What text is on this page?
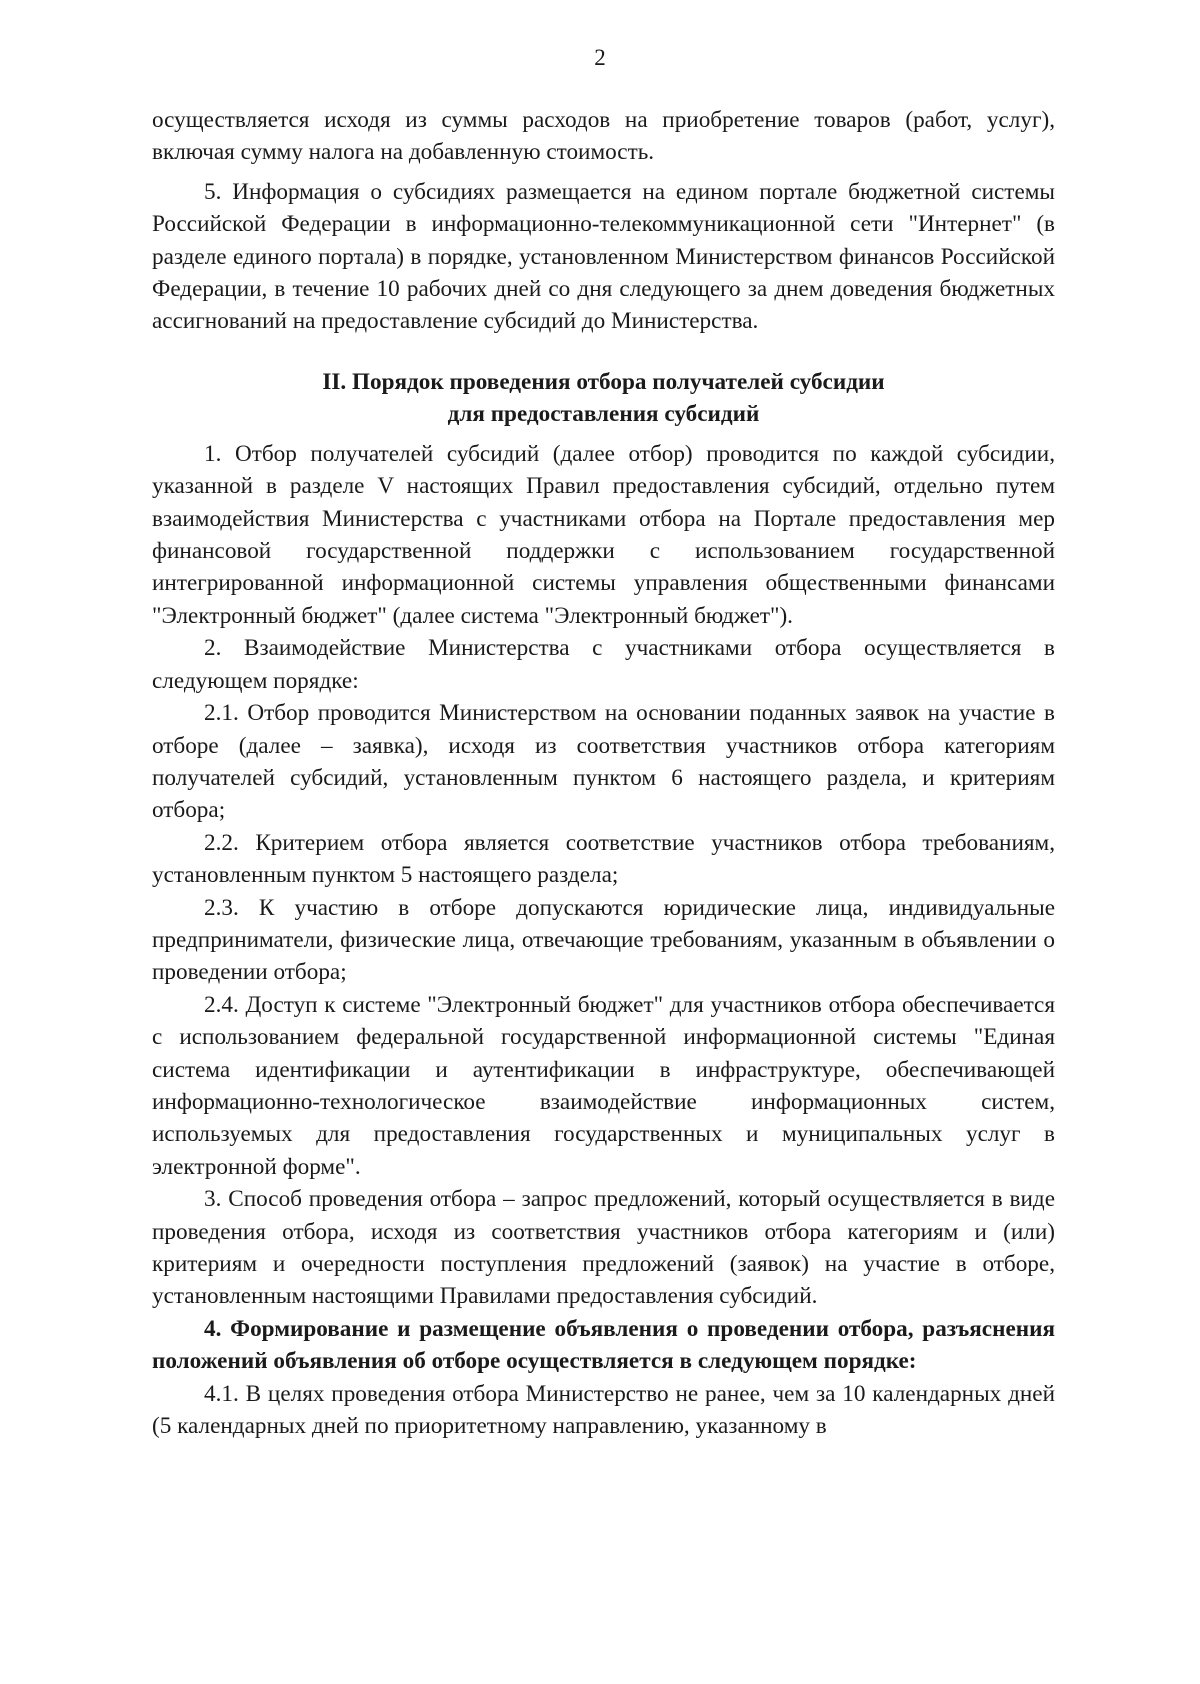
2

осуществляется исходя из суммы расходов на приобретение товаров (работ, услуг), включая сумму налога на добавленную стоимость.

5. Информация о субсидиях размещается на едином портале бюджетной системы Российской Федерации в информационно-телекоммуникационной сети "Интернет" (в разделе единого портала) в порядке, установленном Министерством финансов Российской Федерации, в течение 10 рабочих дней со дня следующего за днем доведения бюджетных ассигнований на предоставление субсидий до Министерства.

II. Порядок проведения отбора получателей субсидии
для предоставления субсидий

1. Отбор получателей субсидий (далее отбор) проводится по каждой субсидии, указанной в разделе V настоящих Правил предоставления субсидий, отдельно путем взаимодействия Министерства с участниками отбора на Портале предоставления мер финансовой государственной поддержки с использованием государственной интегрированной информационной системы управления общественными финансами "Электронный бюджет" (далее система "Электронный бюджет").

2. Взаимодействие Министерства с участниками отбора осуществляется в следующем порядке:

2.1. Отбор проводится Министерством на основании поданных заявок на участие в отборе (далее – заявка), исходя из соответствия участников отбора категориям получателей субсидий, установленным пунктом 6 настоящего раздела, и критериям отбора;

2.2. Критерием отбора является соответствие участников отбора требованиям, установленным пунктом 5 настоящего раздела;

2.3. К участию в отборе допускаются юридические лица, индивидуальные предприниматели, физические лица, отвечающие требованиям, указанным в объявлении о проведении отбора;

2.4. Доступ к системе "Электронный бюджет" для участников отбора обеспечивается с использованием федеральной государственной информационной системы "Единая система идентификации и аутентификации в инфраструктуре, обеспечивающей информационно-технологическое взаимодействие информационных систем, используемых для предоставления государственных и муниципальных услуг в электронной форме".

3. Способ проведения отбора – запрос предложений, который осуществляется в виде проведения отбора, исходя из соответствия участников отбора категориям и (или) критериям и очередности поступления предложений (заявок) на участие в отборе, установленным настоящими Правилами предоставления субсидий.

4. Формирование и размещение объявления о проведении отбора, разъяснения положений объявления об отборе осуществляется в следующем порядке:

4.1. В целях проведения отбора Министерство не ранее, чем за 10 календарных дней (5 календарных дней по приоритетному направлению, указанному в
